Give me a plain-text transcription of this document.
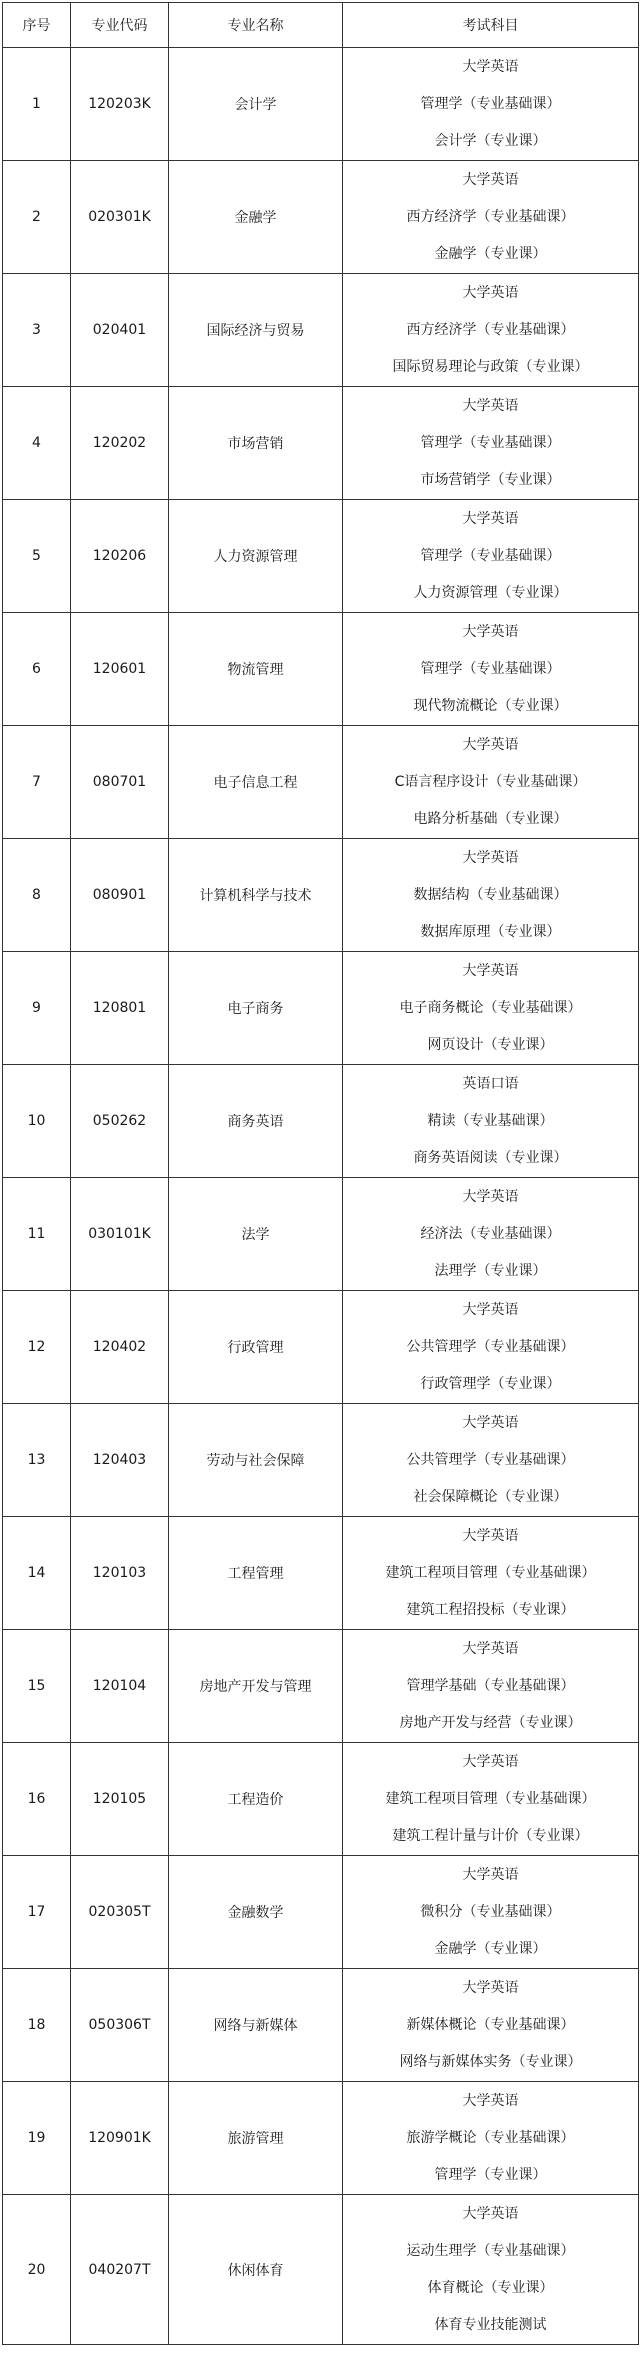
序号	专业代码	专业名称	考试科目
1	120203K	会计学	大学英语
管理学（专业基础课）
会计学（专业课）

2	020301K	金融学	大学英语
西方经济学（专业基础课）
金融学（专业课）

3	020401	国际经济与贸易	大学英语
西方经济学（专业基础课）
国际贸易理论与政策（专业课）

4	120202	市场营销	大学英语
管理学（专业基础课）
市场营销学（专业课）

5	120206	人力资源管理	大学英语
管理学（专业基础课）
人力资源管理（专业课）

6	120601	物流管理	大学英语
管理学（专业基础课）
现代物流概论（专业课）

7	080701	电子信息工程	大学英语
C语言程序设计（专业基础课）
电路分析基础（专业课）

8	080901	计算机科学与技术	大学英语
数据结构（专业基础课）
数据库原理（专业课）

9	120801	电子商务	大学英语
电子商务概论（专业基础课）
网页设计（专业课）

10	050262	商务英语	英语口语
精读（专业基础课）
商务英语阅读（专业课）

11	030101K	法学	大学英语
经济法（专业基础课）
法理学（专业课）

12	120402	行政管理	大学英语
公共管理学（专业基础课）
行政管理学（专业课）

13	120403	劳动与社会保障	大学英语
公共管理学（专业基础课）
社会保障概论（专业课）

14	120103	工程管理	大学英语
建筑工程项目管理（专业基础课）
建筑工程招投标（专业课）

15	120104	房地产开发与管理	大学英语
管理学基础（专业基础课）
房地产开发与经营（专业课）

16	120105	工程造价	大学英语
建筑工程项目管理（专业基础课）
建筑工程计量与计价（专业课）

17	020305T	金融数学	大学英语
微积分（专业基础课）
金融学（专业课）

18	050306T	网络与新媒体	大学英语
新媒体概论（专业基础课）
网络与新媒体实务（专业课）

19	120901K	旅游管理	大学英语
旅游学概论（专业基础课）
管理学（专业课）

20	040207T	休闲体育	大学英语
运动生理学（专业基础课）
体育概论（专业课）
体育专业技能测试
